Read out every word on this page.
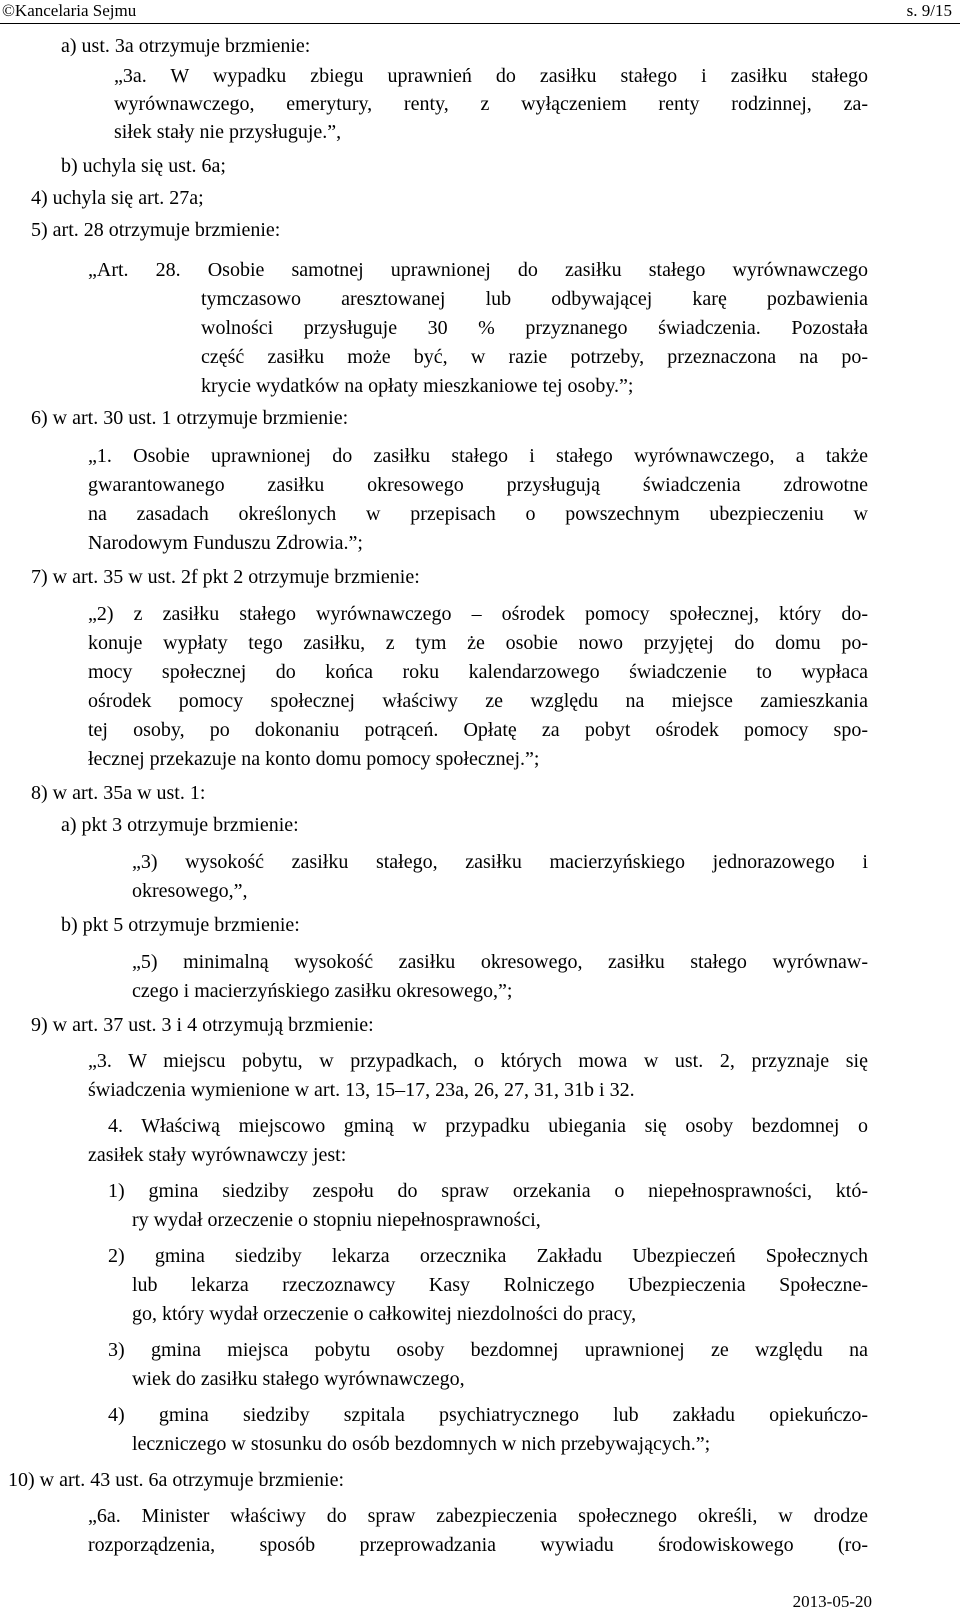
©Kancelaria Sejmu	s. 9/15
a) ust. 3a otrzymuje brzmienie:
„3a. W wypadku zbiegu uprawnień do zasiłku stałego i zasiłku stałego
wyrównawczego, emerytury, renty, z wyłączeniem renty rodzinnej, za-
siłek stały nie przysługuje.”,
b) uchyla się ust. 6a;
4) uchyla się art. 27a;
5) art. 28 otrzymuje brzmienie:
„Art. 28. Osobie samotnej uprawnionej do zasiłku stałego wyrównawczego
tymczasowo aresztowanej lub odbywającej karę pozbawienia
wolności przysługuje 30 % przyznanego świadczenia. Pozostała
część zasiłku może być, w razie potrzeby, przeznaczona na po-
krycie wydatków na opłaty mieszkaniowe tej osoby.”;
6) w art. 30 ust. 1 otrzymuje brzmienie:
„1. Osobie uprawnionej do zasiłku stałego i stałego wyrównawczego, a także
gwarantowanego zasiłku okresowego przysługują świadczenia zdrowotne
na zasadach określonych w przepisach o powszechnym ubezpieczeniu w
Narodowym Funduszu Zdrowia.”;
7) w art. 35 w ust. 2f pkt 2 otrzymuje brzmienie:
„2) z zasiłku stałego wyrównawczego – ośrodek pomocy społecznej, który do-
konuje wypłaty tego zasiłku, z tym że osobie nowo przyjętej do domu po-
mocy społecznej do końca roku kalendarzowego świadczenie to wypłaca
ośrodek pomocy społecznej właściwy ze względu na miejsce zamieszkania
tej osoby, po dokonaniu potrąceń. Opłatę za pobyt ośrodek pomocy spo-
łecznej przekazuje na konto domu pomocy społecznej.”;
8) w art. 35a w ust. 1:
a) pkt 3 otrzymuje brzmienie:
„3) wysokość zasiłku stałego, zasiłku macierzyńskiego jednorazowego i
okresowego,”,
b) pkt 5 otrzymuje brzmienie:
„5) minimalną wysokość zasiłku okresowego, zasiłku stałego wyrównaw-
czego i macierzyńskiego zasiłku okresowego,”;
9) w art. 37 ust. 3 i 4 otrzymują brzmienie:
„3. W miejscu pobytu, w przypadkach, o których mowa w ust. 2, przyznaje się
świadczenia wymienione w art. 13, 15–17, 23a, 26, 27, 31, 31b i 32.
4. Właściwą miejscowo gminą w przypadku ubiegania się osoby bezdomnej o
zasiłek stały wyrównawczy jest:
1) gmina siedziby zespołu do spraw orzekania o niepełnosprawności, któ-
ry wydał orzeczenie o stopniu niepełnosprawności,
2) gmina siedziby lekarza orzecznika Zakładu Ubezpieczeń Społecznych
lub lekarza rzeczoznawcy Kasy Rolniczego Ubezpieczenia Społeczne-
go, który wydał orzeczenie o całkowitej niezdolności do pracy,
3) gmina miejsca pobytu osoby bezdomnej uprawnionej ze względu na
wiek do zasiłku stałego wyrównawczego,
4) gmina siedziby szpitala psychiatrycznego lub zakładu opiekuńczo-
leczniczego w stosunku do osób bezdomnych w nich przebywających.”;
10) w art. 43 ust. 6a otrzymuje brzmienie:
„6a. Minister właściwy do spraw zabezpieczenia społecznego określi, w drodze
rozporządzenia, sposób przeprowadzania wywiadu środowiskowego (ro-
2013-05-20
